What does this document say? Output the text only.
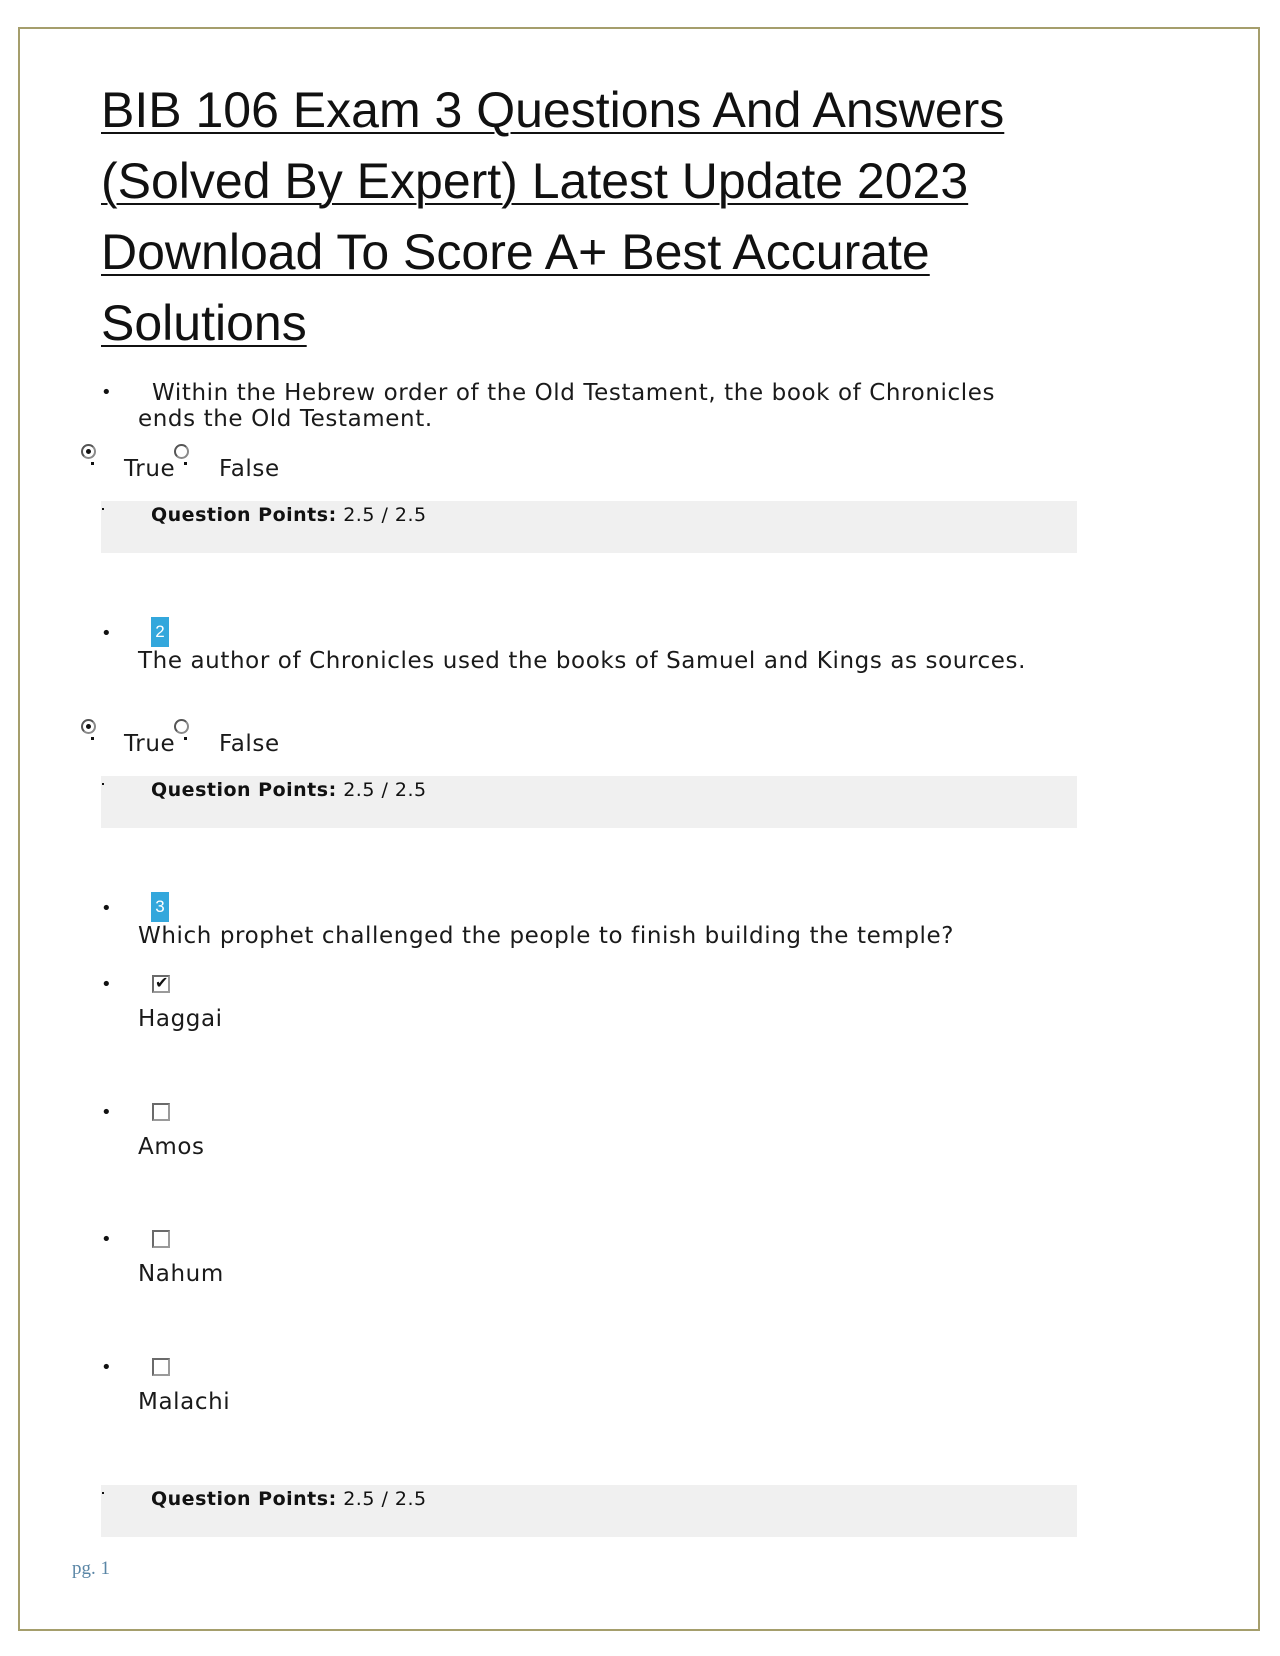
BIB 106 Exam 3 Questions And Answers (Solved By Expert) Latest Update 2023 Download To Score A+ Best Accurate Solutions
•	Within the Hebrew order of the Old Testament, the book of Chronicles ends the Old Testament.
True False
Question Points: 2.5 / 2.5
•	2
The author of Chronicles used the books of Samuel and Kings as sources.
True False
Question Points: 2.5 / 2.5
•	3
Which prophet challenged the people to finish building the temple?
•
✔
Haggai
•
Amos
•
Nahum
•
Malachi
Question Points: 2.5 / 2.5
pg. 1
